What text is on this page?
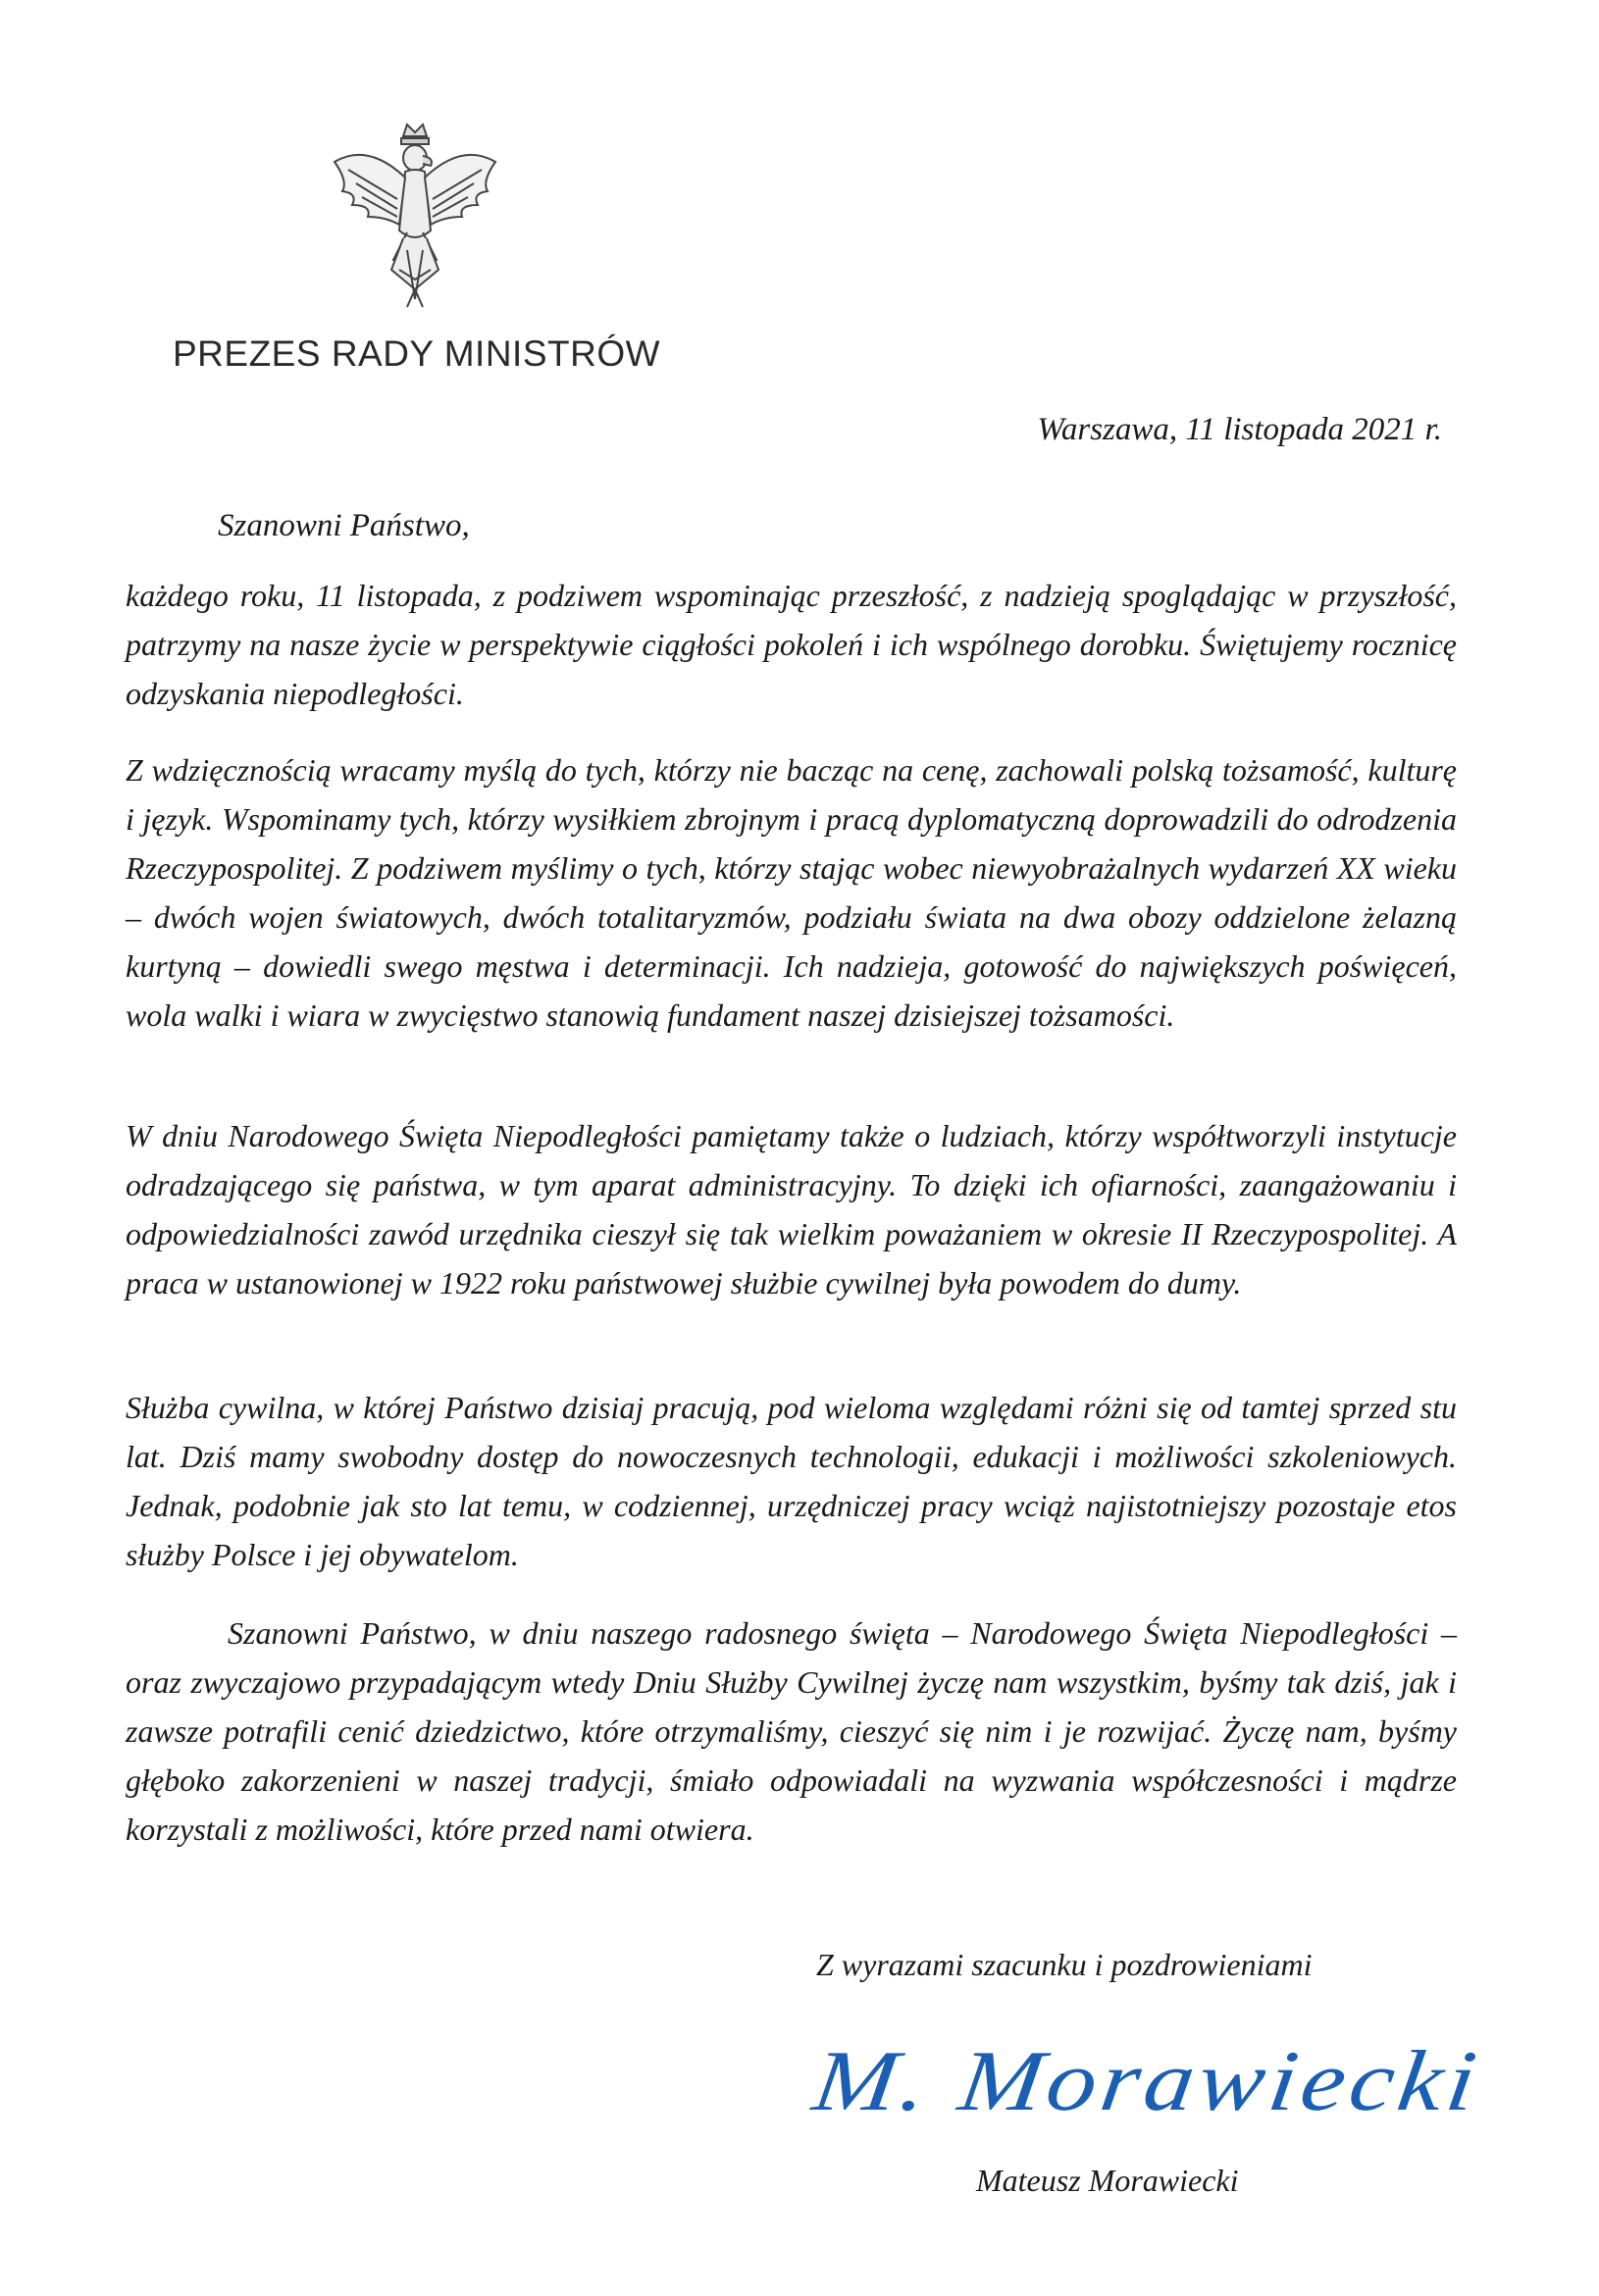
PREZES RADY MINISTRÓW
Warszawa, 11 listopada 2021 r.
Szanowni Państwo,

każdego roku, 11 listopada, z podziwem wspominając przeszłość, z nadzieją spoglądając w przyszłość, patrzymy na nasze życie w perspektywie ciągłości pokoleń i ich wspólnego dorobku. Świętujemy rocznicę odzyskania niepodległości.

Z wdzięcznością wracamy myślą do tych, którzy nie bacząc na cenę, zachowali polską tożsamość, kulturę i język. Wspominamy tych, którzy wysiłkiem zbrojnym i pracą dyplomatyczną doprowadzili do odrodzenia Rzeczypospolitej. Z podziwem myślimy o tych, którzy stając wobec niewyobrażalnych wydarzeń XX wieku – dwóch wojen światowych, dwóch totalitaryzmów, podziału świata na dwa obozy oddzielone żelazną kurtyną – dowiedli swego męstwa i determinacji. Ich nadzieja, gotowość do największych poświęceń, wola walki i wiara w zwycięstwo stanowią fundament naszej dzisiejszej tożsamości.

W dniu Narodowego Święta Niepodległości pamiętamy także o ludziach, którzy współtworzyli instytucje odradzającego się państwa, w tym aparat administracyjny. To dzięki ich ofiarności, zaangażowaniu i odpowiedzialności zawód urzędnika cieszył się tak wielkim poważaniem w okresie II Rzeczypospolitej. A praca w ustanowionej w 1922 roku państwowej służbie cywilnej była powodem do dumy.

Służba cywilna, w której Państwo dzisiaj pracują, pod wieloma względami różni się od tamtej sprzed stu lat. Dziś mamy swobodny dostęp do nowoczesnych technologii, edukacji i możliwości szkoleniowych. Jednak, podobnie jak sto lat temu, w codziennej, urzędniczej pracy wciąż najistotniejszy pozostaje etos służby Polsce i jej obywatelom.

Szanowni Państwo, w dniu naszego radosnego święta – Narodowego Święta Niepodległości – oraz zwyczajowo przypadającym wtedy Dniu Służby Cywilnej życzę nam wszystkim, byśmy tak dziś, jak i zawsze potrafili cenić dziedzictwo, które otrzymaliśmy, cieszyć się nim i je rozwijać. Życzę nam, byśmy głęboko zakorzenieni w naszej tradycji, śmiało odpowiadali na wyzwania współczesności i mądrze korzystali z możliwości, które przed nami otwiera.

Z wyrazami szacunku i pozdrowieniami
M. Morawiecki
Mateusz Morawiecki
